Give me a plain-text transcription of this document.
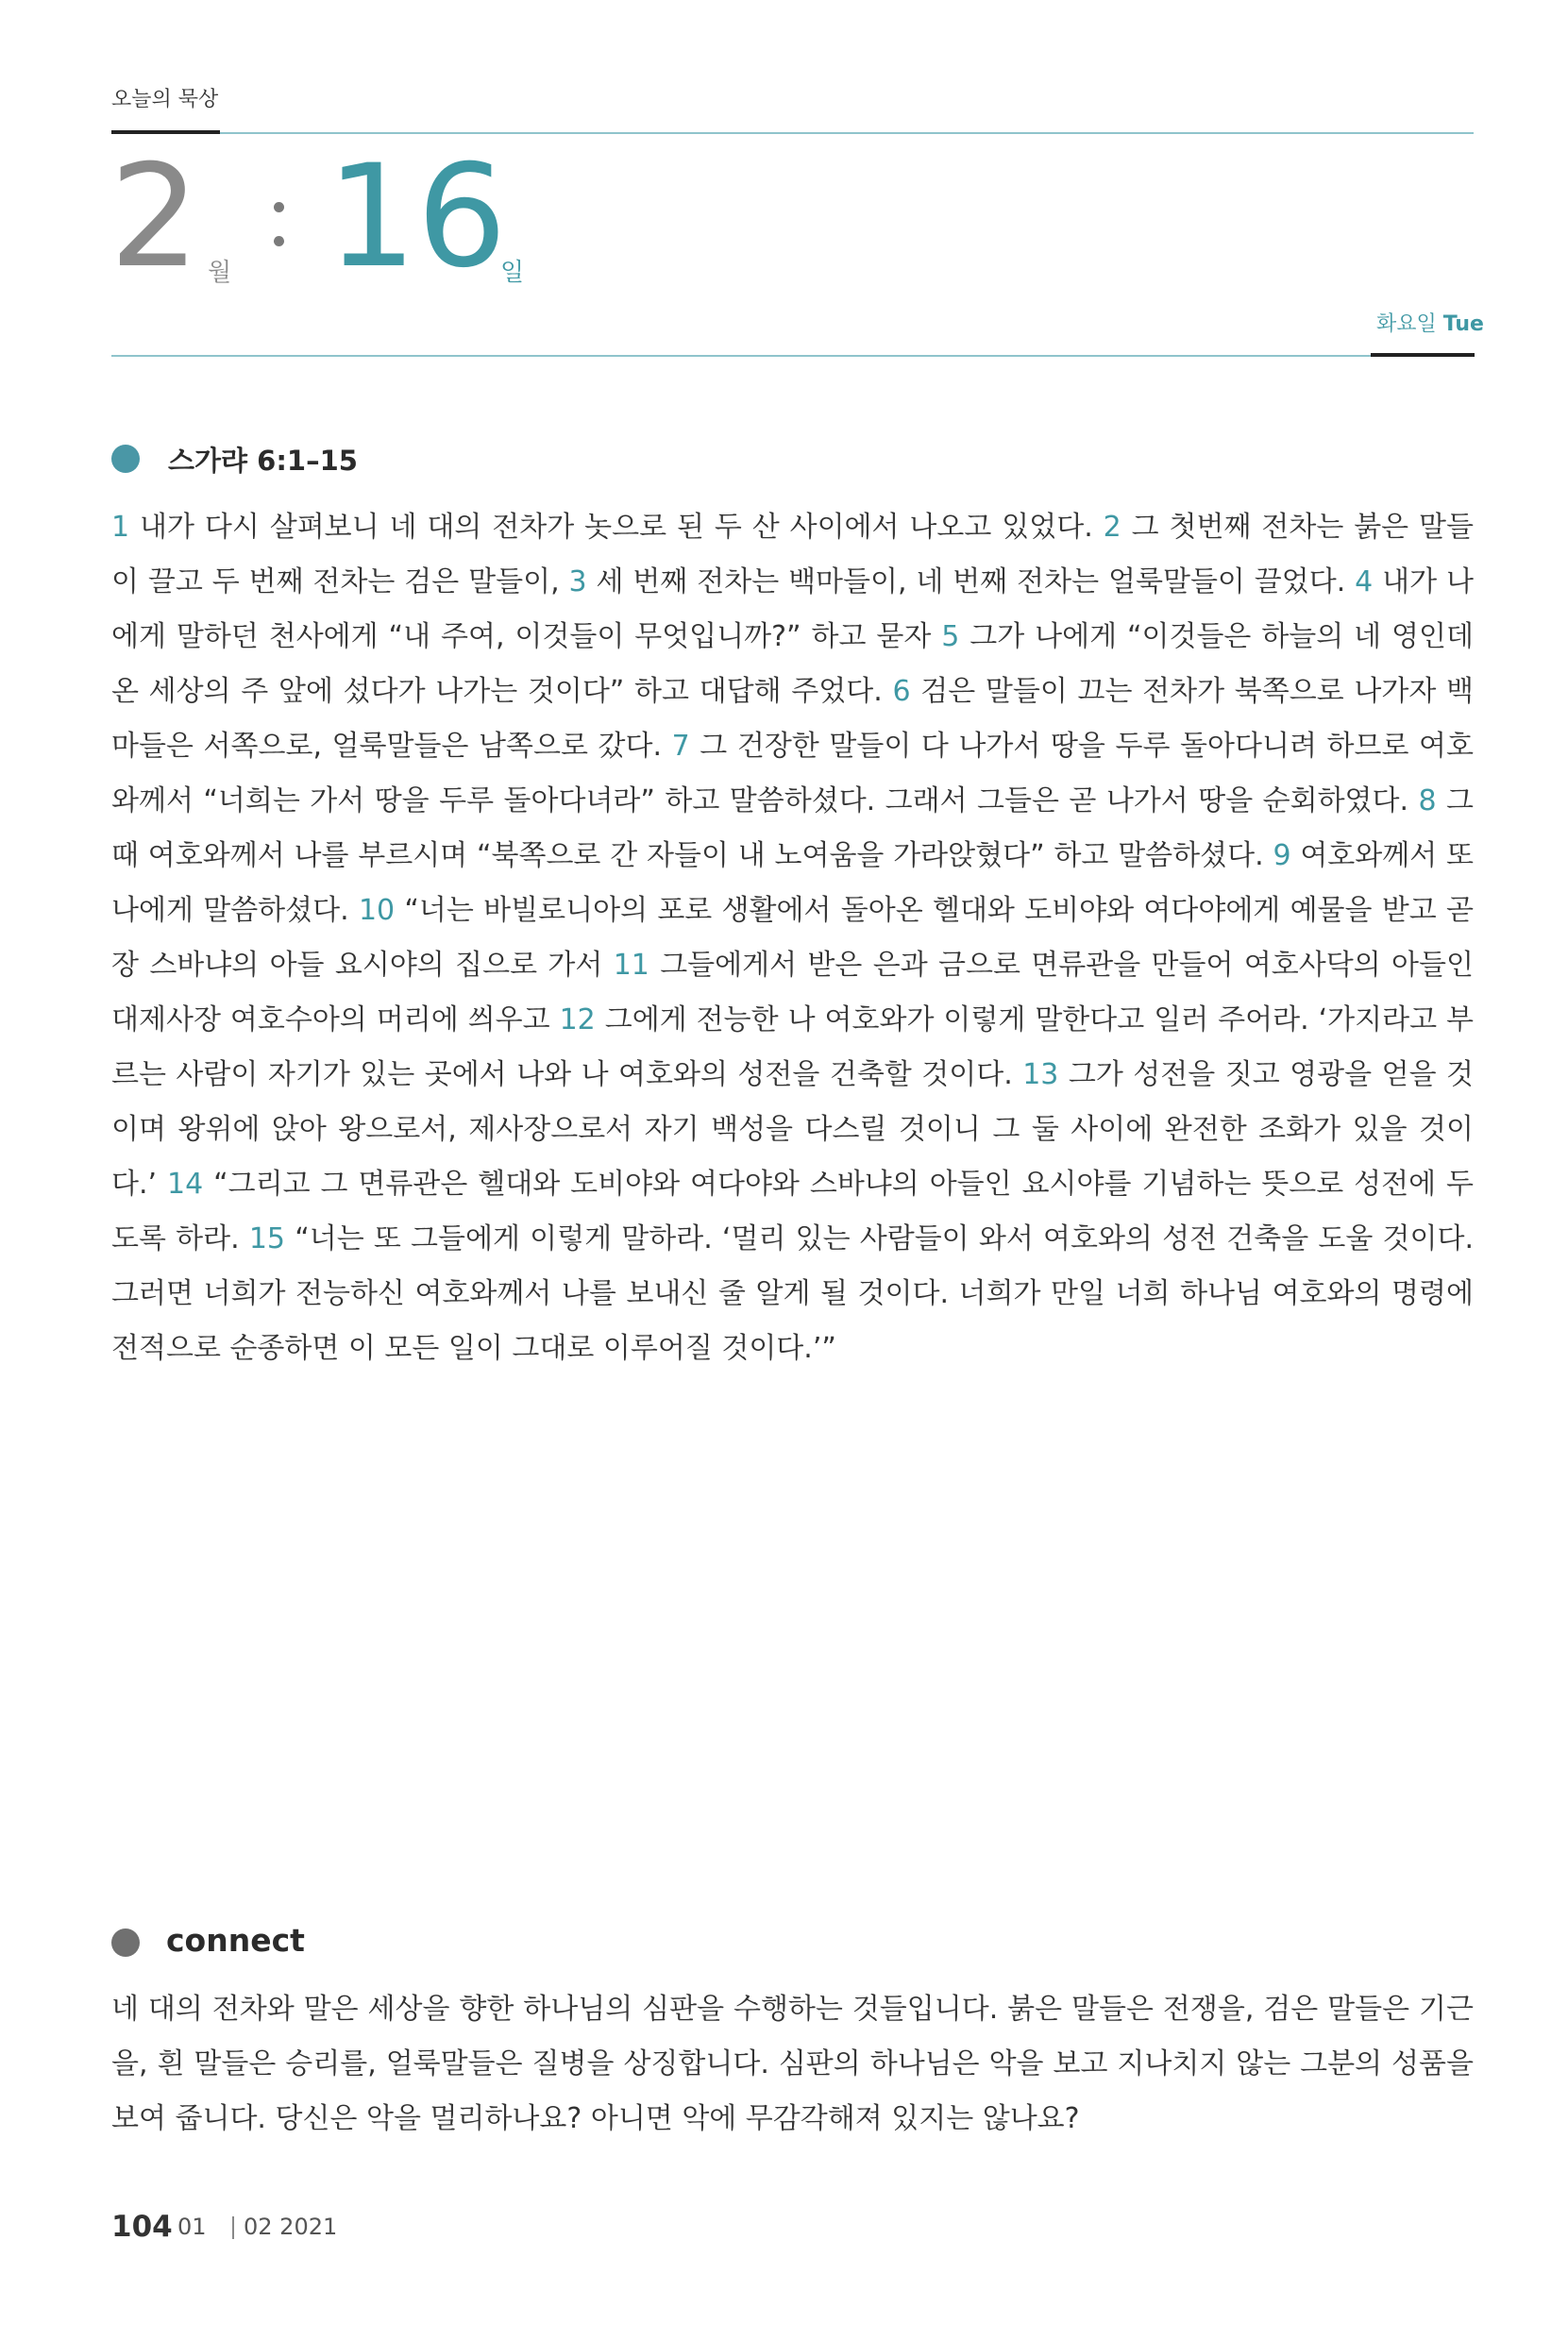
오늘의 묵상
2 월 16
일
화요일 Tue
스가랴 6:1–15

1 내가 다시 살펴보니 네 대의 전차가 놋으로 된 두 산 사이에서 나오고 있었다. 2 그 첫번째 전차는 붉은 말들이 끌고 두 번째 전차는 검은 말들이, 3 세 번째 전차는 백마들이, 네 번째 전차는 얼룩말들이 끌었다. 4 내가 나에게 말하던 천사에게 “내 주여, 이것들이 무엇입니까?” 하고 묻자 5 그가 나에게 “이것들은 하늘의 네 영인데 온 세상의 주 앞에 섰다가 나가는 것이다” 하고 대답해 주었다. 6 검은 말들이 끄는 전차가 북쪽으로 나가자 백마들은 서쪽으로, 얼룩말들은 남쪽으로 갔다. 7 그 건장한 말들이 다 나가서 땅을 두루 돌아다니려 하므로 여호와께서 “너희는 가서 땅을 두루 돌아다녀라” 하고 말씀하셨다. 그래서 그들은 곧 나가서 땅을 순회하였다. 8 그때 여호와께서 나를 부르시며 “북쪽으로 간 자들이 내 노여움을 가라앉혔다” 하고 말씀하셨다. 9 여호와께서 또 나에게 말씀하셨다. 10 “너는 바빌로니아의 포로 생활에서 돌아온 헬대와 도비야와 여다야에게 예물을 받고 곧장 스바냐의 아들 요시야의 집으로 가서 11 그들에게서 받은 은과 금으로 면류관을 만들어 여호사닥의 아들인 대제사장 여호수아의 머리에 씌우고 12 그에게 전능한 나 여호와가 이렇게 말한다고 일러 주어라. ‘가지라고 부르는 사람이 자기가 있는 곳에서 나와 나 여호와의 성전을 건축할 것이다. 13 그가 성전을 짓고 영광을 얻을 것이며 왕위에 앉아 왕으로서, 제사장으로서 자기 백성을 다스릴 것이니 그 둘 사이에 완전한 조화가 있을 것이다.’ 14 “그리고 그 면류관은 헬대와 도비야와 여다야와 스바냐의 아들인 요시야를 기념하는 뜻으로 성전에 두도록 하라. 15 “너는 또 그들에게 이렇게 말하라. ‘멀리 있는 사람들이 와서 여호와의 성전 건축을 도울 것이다. 그러면 너희가 전능하신 여호와께서 나를 보내신 줄 알게 될 것이다. 너희가 만일 너희 하나님 여호와의 명령에 전적으로 순종하면 이 모든 일이 그대로 이루어질 것이다.’”

connect

네 대의 전차와 말은 세상을 향한 하나님의 심판을 수행하는 것들입니다. 붉은 말들은 전쟁을, 검은 말들은 기근을, 흰 말들은 승리를, 얼룩말들은 질병을 상징합니다. 심판의 하나님은 악을 보고 지나치지 않는 그분의 성품을 보여 줍니다. 당신은 악을 멀리하나요? 아니면 악에 무감각해져 있지는 않나요?

104 01 02 2021
